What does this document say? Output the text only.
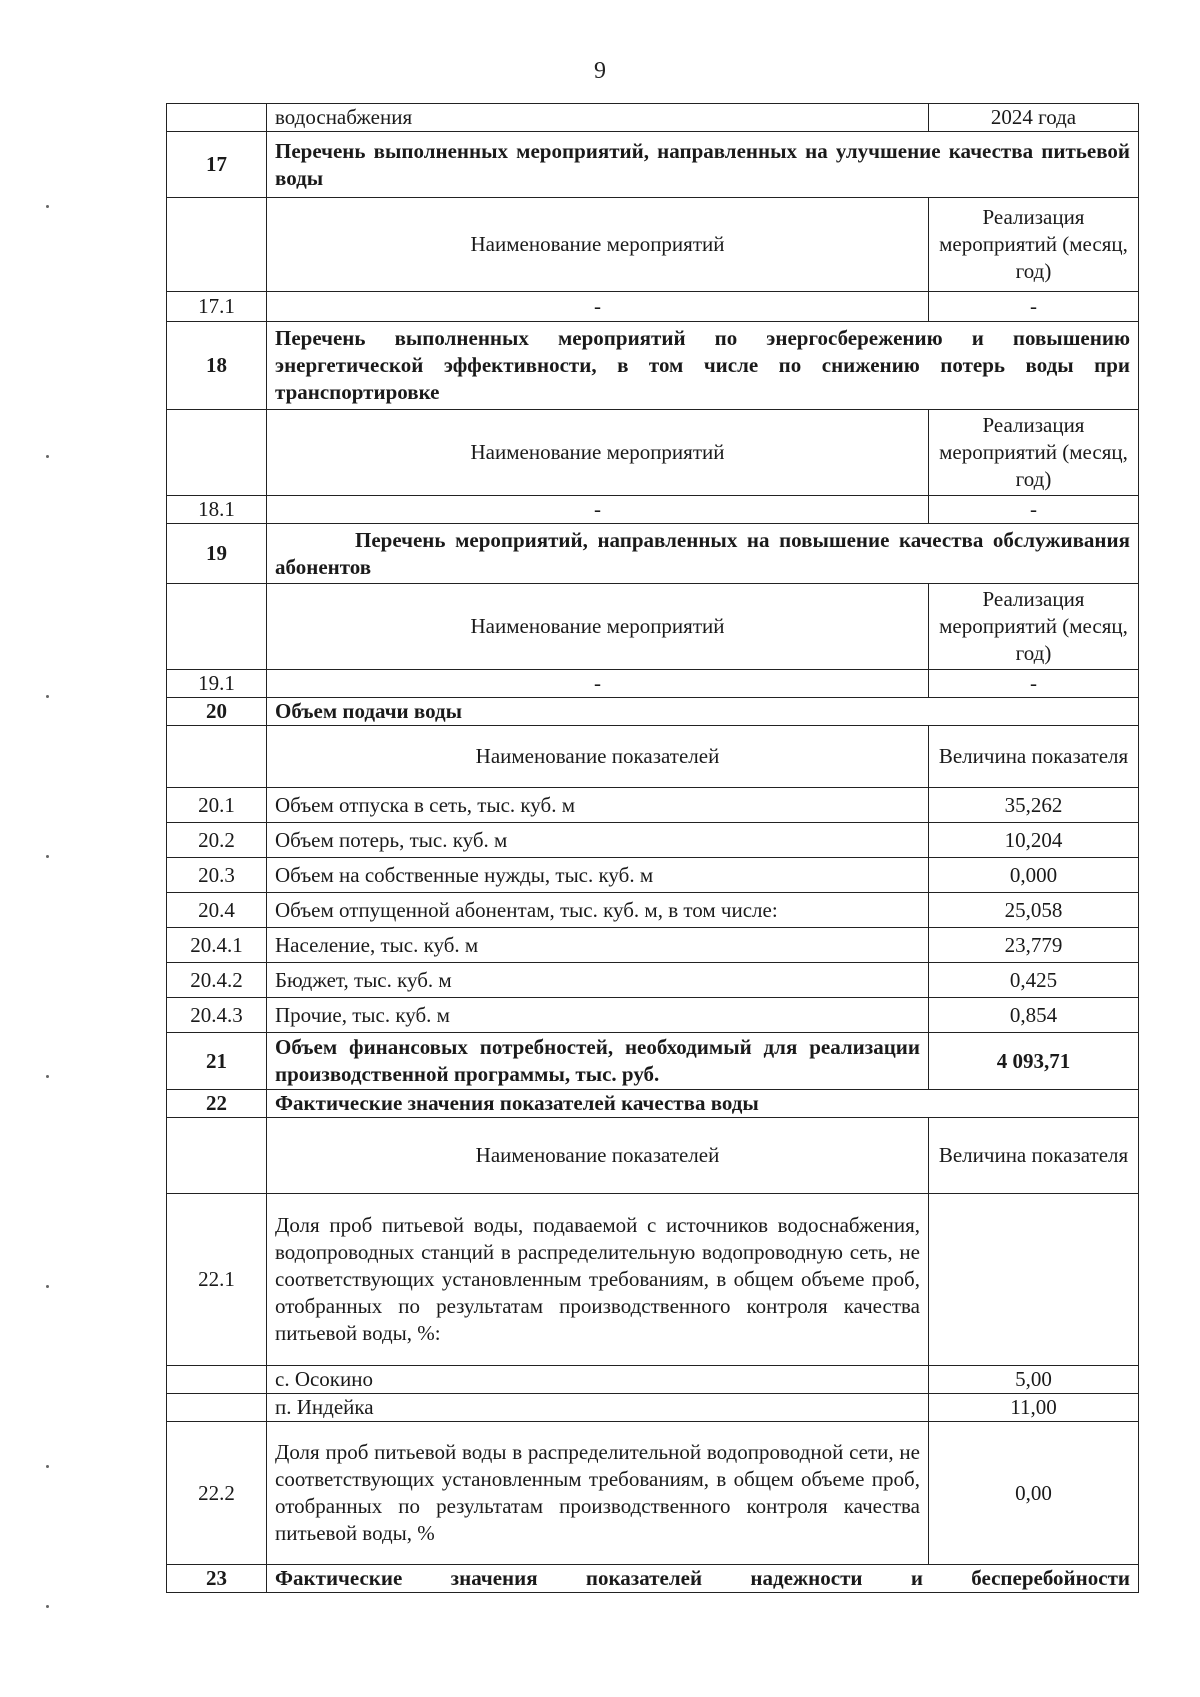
9
	водоснабжения	2024 года
17	Перечень выполненных мероприятий, направленных на улучшение качества питьевой воды	
	Наименование мероприятий	Реализация мероприятий (месяц, год)
17.1	-	-
18	Перечень выполненных мероприятий по энергосбережению и повышению энергетической эффективности, в том числе по снижению потерь воды при транспортировке	
	Наименование мероприятий	Реализация мероприятий (месяц, год)
18.1	-	-
19	Перечень мероприятий, направленных на повышение качества обслуживания абонентов	
	Наименование мероприятий	Реализация мероприятий (месяц, год)
19.1	-	-
20	Объем подачи воды	
	Наименование показателей	Величина показателя
20.1	Объем отпуска в сеть, тыс. куб. м	35,262
20.2	Объем потерь, тыс. куб. м	10,204
20.3	Объем на собственные нужды, тыс. куб. м	0,000
20.4	Объем отпущенной абонентам, тыс. куб. м, в том числе:	25,058
20.4.1	Население, тыс. куб. м	23,779
20.4.2	Бюджет, тыс. куб. м	0,425
20.4.3	Прочие, тыс. куб. м	0,854
21	Объем финансовых потребностей, необходимый для реализации производственной программы, тыс. руб.	4 093,71
22	Фактические значения показателей качества воды	
	Наименование показателей	Величина показателя
22.1	Доля проб питьевой воды, подаваемой с источников водоснабжения, водопроводных станций в распределительную водопроводную сеть, не соответствующих установленным требованиям, в общем объеме проб, отобранных по результатам производственного контроля качества питьевой воды, %:	
	с. Осокино	5,00
	п. Индейка	11,00
22.2	Доля проб питьевой воды в распределительной водопроводной сети, не соответствующих установленным требованиям, в общем объеме проб, отобранных по результатам производственного контроля качества питьевой воды, %	0,00
23	Фактические значения показателей надежности и бесперебойности	
